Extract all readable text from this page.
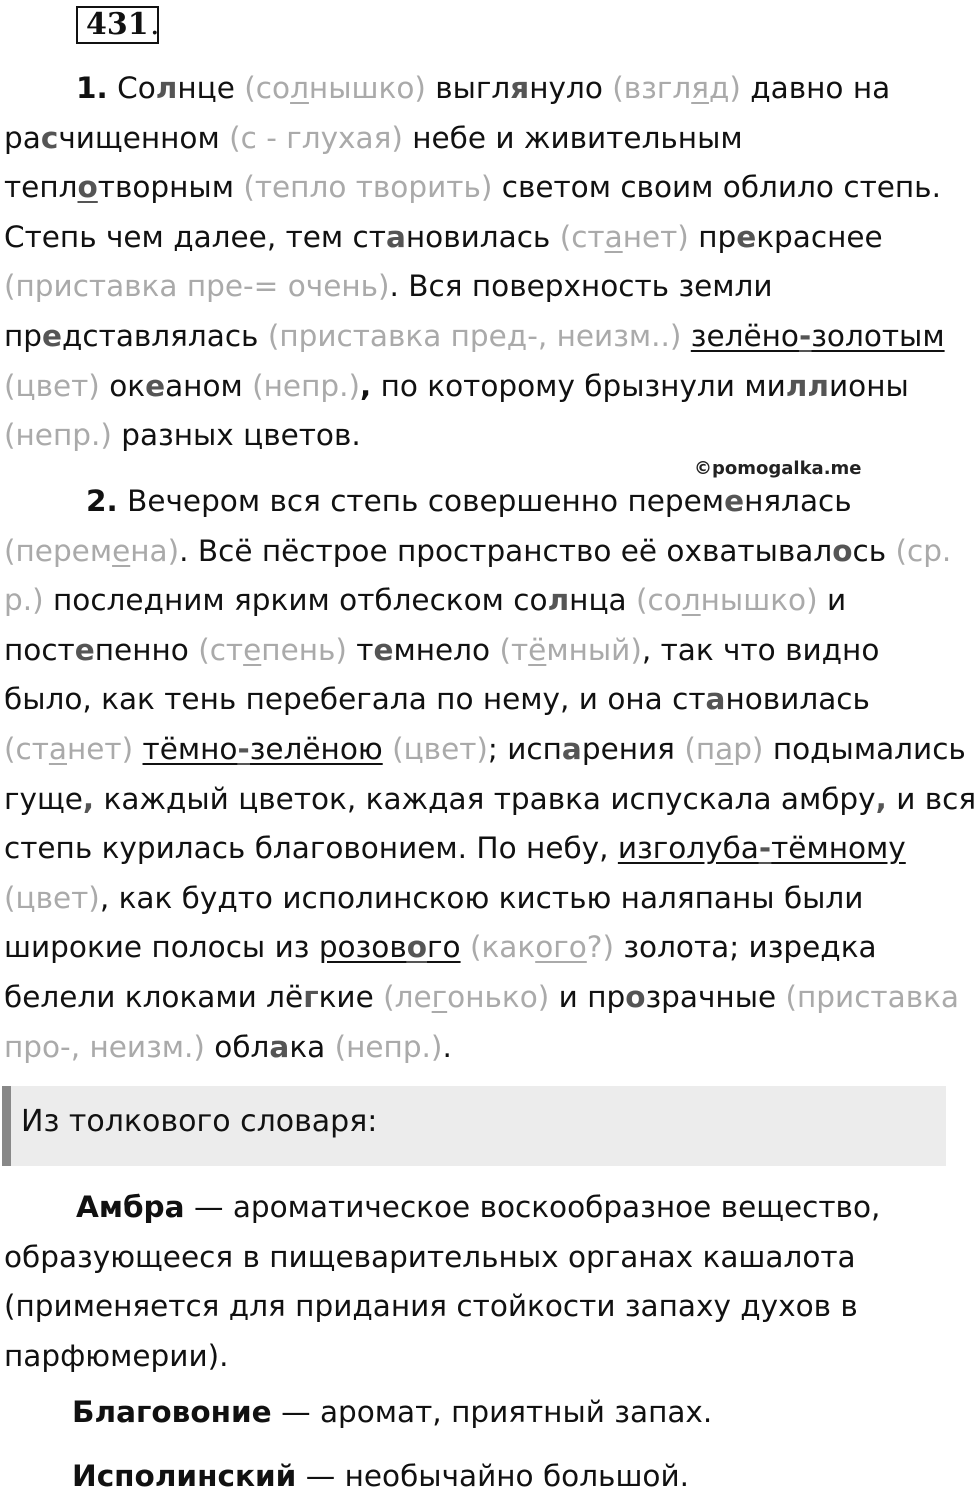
431 .
1. Солнце (солнышко) выглянуло (взгляд) давно на
расчищенном (с - глухая) небе и живительным
теплотворным (тепло творить) светом своим облило степь.
Степь чем далее, тем становилась (станет) прекраснее
(приставка пре-= очень). Вся поверхность земли
представлялась (приставка пред-, неизм..) зелёно-золотым
(цвет) океаном (непр.), по которому брызнули миллионы
(непр.) разных цветов.
©pomogalka.me
2. Вечером вся степь совершенно переменялась
(перемена). Всё пёстрое пространство её охватывалось (ср.
р.) последним ярким отблеском солнца (солнышко) и
постепенно (степень) темнело (тёмный), так что видно
было, как тень перебегала по нему, и она становилась
(станет) тёмно-зелёною (цвет); испарения (пар) подымались
гуще, каждый цветок, каждая травка испускала амбру, и вся
степь курилась благовонием. По небу, изголуба-тёмному
(цвет), как будто исполинскою кистью наляпаны были
широкие полосы из розового (какого?) золота; изредка
белели клоками лёгкие (легонько) и прозрачные (приставка
про-, неизм.) облака (непр.).
Из толкового словаря:
Амбра — ароматическое воскообразное вещество,
образующееся в пищеварительных органах кашалота
(применяется для придания стойкости запаху духов в
парфюмерии).
Благовоние — аромат, приятный запах.
Исполинский — необычайно большой.
